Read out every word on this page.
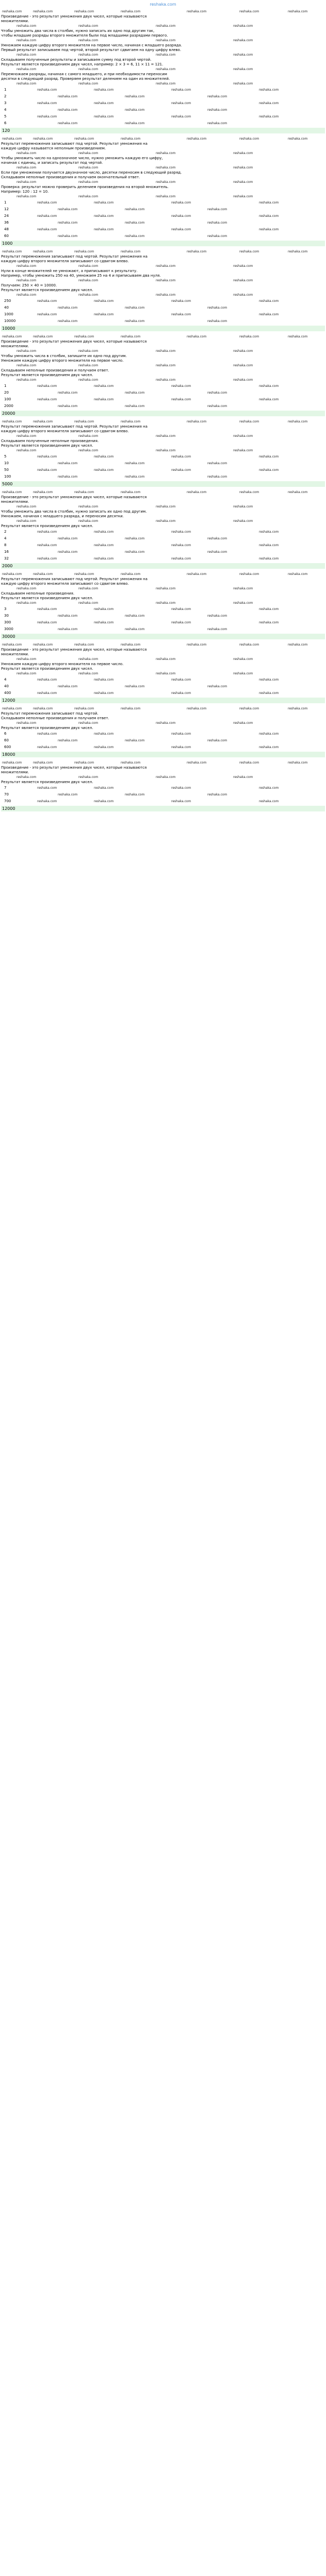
reshaka.com
reshaka.com	reshaka.com	reshaka.com	reshaka.com	reshaka.com	reshaka.com	reshaka.com
Произведение - это результат умножения двух чисел, которые называются
множителями.
reshaka.com	reshaka.com	reshaka.com	reshaka.com
Чтобы умножить два числа в столбик, нужно записать их одно под другим так,
чтобы младшие разряды второго множителя были под младшими разрядами первого.
reshaka.com	reshaka.com	reshaka.com	reshaka.com
Умножаем каждую цифру второго множителя на первое число, начиная с младшего разряда.
Первый результат записываем под чертой, второй результат сдвигаем на одну цифру влево.
reshaka.com	reshaka.com	reshaka.com	reshaka.com
Складываем полученные результаты и записываем сумму под второй чертой.
Результат является произведением двух чисел, например: 2 × 3 = 6, 11 × 11 = 121.
reshaka.com	reshaka.com	reshaka.com	reshaka.com
Перемножаем разряды, начиная с самого младшего, и при необходимости переносим
десятки в следующий разряд. Проверяем результат делением на один из множителей.
reshaka.com	reshaka.com	reshaka.com	reshaka.com
1	reshaka.com	reshaka.com	reshaka.com	reshaka.com
2	reshaka.com	reshaka.com	reshaka.com
3	reshaka.com	reshaka.com	reshaka.com	reshaka.com
4	reshaka.com	reshaka.com	reshaka.com
5	reshaka.com	reshaka.com	reshaka.com	reshaka.com
6	reshaka.com	reshaka.com	reshaka.com
120
reshaka.com	reshaka.com	reshaka.com	reshaka.com	reshaka.com	reshaka.com	reshaka.com
Результат перемножения записывают под чертой. Результат умножения на
каждую цифру называется неполным произведением.
reshaka.com	reshaka.com	reshaka.com	reshaka.com
Чтобы умножить число на однозначное число, нужно умножить каждую его цифру,
начиная с единиц, и записать результат под чертой.
reshaka.com	reshaka.com	reshaka.com	reshaka.com
Если при умножении получается двузначное число, десятки переносим в следующий разряд.
Складываем неполные произведения и получаем окончательный ответ.
reshaka.com	reshaka.com	reshaka.com	reshaka.com
Проверка: результат можно проверить делением произведения на второй множитель.
Например: 120 : 12 = 10.
reshaka.com	reshaka.com	reshaka.com	reshaka.com
1	reshaka.com	reshaka.com	reshaka.com	reshaka.com
12	reshaka.com	reshaka.com	reshaka.com
24	reshaka.com	reshaka.com	reshaka.com	reshaka.com
36	reshaka.com	reshaka.com	reshaka.com
48	reshaka.com	reshaka.com	reshaka.com	reshaka.com
60	reshaka.com	reshaka.com	reshaka.com
1000
reshaka.com	reshaka.com	reshaka.com	reshaka.com	reshaka.com	reshaka.com	reshaka.com
Результат перемножения записывают под чертой. Результат умножения на
каждую цифру второго множителя записывают со сдвигом влево.
reshaka.com	reshaka.com	reshaka.com	reshaka.com
Нули в конце множителей не умножают, а приписывают к результату.
Например, чтобы умножить 250 на 40, умножаем 25 на 4 и приписываем два нуля.
reshaka.com	reshaka.com	reshaka.com	reshaka.com
Получаем: 250 × 40 = 10000.
Результат является произведением двух чисел.
reshaka.com	reshaka.com	reshaka.com	reshaka.com
250	reshaka.com	reshaka.com	reshaka.com	reshaka.com
40	reshaka.com	reshaka.com	reshaka.com
1000	reshaka.com	reshaka.com	reshaka.com	reshaka.com
10000	reshaka.com	reshaka.com	reshaka.com
10000
reshaka.com	reshaka.com	reshaka.com	reshaka.com	reshaka.com	reshaka.com	reshaka.com
Произведение - это результат умножения двух чисел, которые называются
множителями.
reshaka.com	reshaka.com	reshaka.com	reshaka.com
Чтобы умножить числа в столбик, запишите их одно под другим.
Умножаем каждую цифру второго множителя на первое число.
reshaka.com	reshaka.com	reshaka.com	reshaka.com
Складываем неполные произведения и получаем ответ.
Результат является произведением двух чисел.
reshaka.com	reshaka.com	reshaka.com	reshaka.com
1	reshaka.com	reshaka.com	reshaka.com	reshaka.com
20	reshaka.com	reshaka.com	reshaka.com
100	reshaka.com	reshaka.com	reshaka.com	reshaka.com
2000	reshaka.com	reshaka.com	reshaka.com
20000
reshaka.com	reshaka.com	reshaka.com	reshaka.com	reshaka.com	reshaka.com	reshaka.com
Результат перемножения записывают под чертой. Результат умножения на
каждую цифру второго множителя записывают со сдвигом влево.
reshaka.com	reshaka.com	reshaka.com	reshaka.com
Складываем полученные неполные произведения.
Результат является произведением двух чисел.
reshaka.com	reshaka.com	reshaka.com	reshaka.com
5	reshaka.com	reshaka.com	reshaka.com	reshaka.com
10	reshaka.com	reshaka.com	reshaka.com
50	reshaka.com	reshaka.com	reshaka.com	reshaka.com
100	reshaka.com	reshaka.com	reshaka.com
5000
reshaka.com	reshaka.com	reshaka.com	reshaka.com	reshaka.com	reshaka.com	reshaka.com
Произведение - это результат умножения двух чисел, которые называются
множителями.
reshaka.com	reshaka.com	reshaka.com	reshaka.com
Чтобы умножить два числа в столбик, нужно записать их одно под другим.
Умножаем, начиная с младшего разряда, и переносим десятки.
reshaka.com	reshaka.com	reshaka.com	reshaka.com
Результат является произведением двух чисел.
2	reshaka.com	reshaka.com	reshaka.com	reshaka.com
4	reshaka.com	reshaka.com	reshaka.com
8	reshaka.com	reshaka.com	reshaka.com	reshaka.com
16	reshaka.com	reshaka.com	reshaka.com
32	reshaka.com	reshaka.com	reshaka.com	reshaka.com
2000
reshaka.com	reshaka.com	reshaka.com	reshaka.com	reshaka.com	reshaka.com	reshaka.com
Результат перемножения записывают под чертой. Результат умножения на
каждую цифру второго множителя записывают со сдвигом влево.
reshaka.com	reshaka.com	reshaka.com	reshaka.com
Складываем неполные произведения.
Результат является произведением двух чисел.
reshaka.com	reshaka.com	reshaka.com	reshaka.com
3	reshaka.com	reshaka.com	reshaka.com	reshaka.com
30	reshaka.com	reshaka.com	reshaka.com
300	reshaka.com	reshaka.com	reshaka.com	reshaka.com
3000	reshaka.com	reshaka.com	reshaka.com
30000
reshaka.com	reshaka.com	reshaka.com	reshaka.com	reshaka.com	reshaka.com	reshaka.com
Произведение - это результат умножения двух чисел, которые называются
множителями.
reshaka.com	reshaka.com	reshaka.com	reshaka.com
Умножаем каждую цифру второго множителя на первое число.
Результат является произведением двух чисел.
reshaka.com	reshaka.com	reshaka.com	reshaka.com
4	reshaka.com	reshaka.com	reshaka.com	reshaka.com
40	reshaka.com	reshaka.com	reshaka.com
400	reshaka.com	reshaka.com	reshaka.com	reshaka.com
12000
reshaka.com	reshaka.com	reshaka.com	reshaka.com	reshaka.com	reshaka.com	reshaka.com
Результат перемножения записывают под чертой.
Складываем неполные произведения и получаем ответ.
reshaka.com	reshaka.com	reshaka.com	reshaka.com
Результат является произведением двух чисел.
6	reshaka.com	reshaka.com	reshaka.com	reshaka.com
60	reshaka.com	reshaka.com	reshaka.com
600	reshaka.com	reshaka.com	reshaka.com	reshaka.com
18000
reshaka.com	reshaka.com	reshaka.com	reshaka.com	reshaka.com	reshaka.com	reshaka.com
Произведение - это результат умножения двух чисел, которые называются
множителями.
reshaka.com	reshaka.com	reshaka.com	reshaka.com
Результат является произведением двух чисел.
7	reshaka.com	reshaka.com	reshaka.com	reshaka.com
70	reshaka.com	reshaka.com	reshaka.com
700	reshaka.com	reshaka.com	reshaka.com	reshaka.com
12000
